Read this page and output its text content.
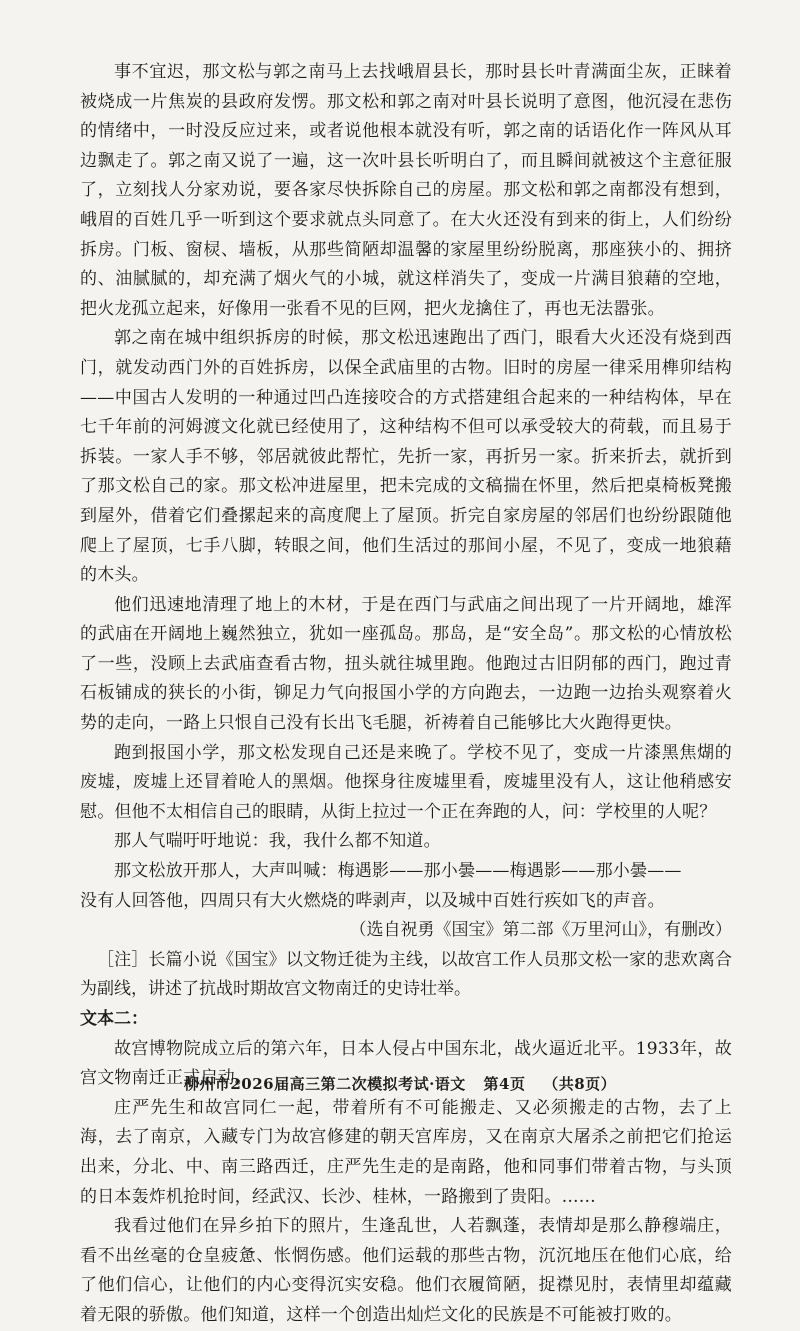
事不宜迟，那文松与郭之南马上去找峨眉县长，那时县长叶青满面尘灰，正睐着被烧成一片焦炭的县政府发愣。那文松和郭之南对叶县长说明了意图，他沉浸在悲伤的情绪中，一时没反应过来，或者说他根本就没有听，郭之南的话语化作一阵风从耳边飘走了。郭之南又说了一遍，这一次叶县长听明白了，而且瞬间就被这个主意征服了，立刻找人分家劝说，要各家尽快拆除自己的房屋。那文松和郭之南都没有想到，峨眉的百姓几乎一听到这个要求就点头同意了。在大火还没有到来的街上，人们纷纷拆房。门板、窗棂、墙板，从那些简陋却温馨的家屋里纷纷脱离，那座狭小的、拥挤的、油腻腻的，却充满了烟火气的小城，就这样消失了，变成一片满目狼藉的空地，把火龙孤立起来，好像用一张看不见的巨网，把火龙擒住了，再也无法嚣张。

郭之南在城中组织拆房的时候，那文松迅速跑出了西门，眼看大火还没有烧到西门，就发动西门外的百姓拆房，以保全武庙里的古物。旧时的房屋一律采用榫卯结构——中国古人发明的一种通过凹凸连接咬合的方式搭建组合起来的一种结构体，早在七千年前的河姆渡文化就已经使用了，这种结构不但可以承受较大的荷载，而且易于拆装。一家人手不够，邻居就彼此帮忙，先折一家，再折另一家。折来折去，就折到了那文松自己的家。那文松冲进屋里，把未完成的文稿揣在怀里，然后把桌椅板凳搬到屋外，借着它们叠摞起来的高度爬上了屋顶。折完自家房屋的邻居们也纷纷跟随他爬上了屋顶，七手八脚，转眼之间，他们生活过的那间小屋，不见了，变成一地狼藉的木头。

他们迅速地清理了地上的木材，于是在西门与武庙之间出现了一片开阔地，雄浑的武庙在开阔地上巍然独立，犹如一座孤岛。那岛，是“安全岛”。那文松的心情放松了一些，没顾上去武庙查看古物，扭头就往城里跑。他跑过古旧阴郁的西门，跑过青石板铺成的狭长的小街，铆足力气向报国小学的方向跑去，一边跑一边抬头观察着火势的走向，一路上只恨自己没有长出飞毛腿，祈祷着自己能够比大火跑得更快。

跑到报国小学，那文松发现自己还是来晚了。学校不见了，变成一片漆黑焦煳的废墟，废墟上还冒着呛人的黑烟。他探身往废墟里看，废墟里没有人，这让他稍感安慰。但他不太相信自己的眼睛，从街上拉过一个正在奔跑的人，问：学校里的人呢？

那人气喘吁吁地说：我，我什么都不知道。

那文松放开那人，大声叫喊：梅遇影——那小曇——梅遇影——那小曇——

没有人回答他，四周只有大火燃烧的哔剥声，以及城中百姓行疾如飞的声音。

（选自祝勇《国宝》第二部《万里河山》，有删改）

［注］长篇小说《国宝》以文物迁徙为主线，以故宫工作人员那文松一家的悲欢离合为副线，讲述了抗战时期故宫文物南迁的史诗壮举。

文本二：

故宫博物院成立后的第六年，日本人侵占中国东北，战火逼近北平。1933年，故宫文物南迁正式启动。

庄严先生和故宫同仁一起，带着所有不可能搬走、又必须搬走的古物，去了上海，去了南京，入藏专门为故宫修建的朝天宫库房，又在南京大屠杀之前把它们抢运出来，分北、中、南三路西迁，庄严先生走的是南路，他和同事们带着古物，与头顶的日本轰炸机抢时间，经武汉、长沙、桂林，一路搬到了贵阳。……

我看过他们在异乡拍下的照片，生逢乱世，人若飘蓬，表情却是那么静穆端庄，看不出丝毫的仓皇疲惫、怅惘伤感。他们运载的那些古物，沉沉地压在他们心底，给了他们信心，让他们的内心变得沉实安稳。他们衣履简陋，捉襟见肘，表情里却蕴藏着无限的骄傲。他们知道，这样一个创造出灿烂文化的民族是不可能被打败的。

柳州市2026届高三第二次模拟考试·语文 第4页 （共8页）
